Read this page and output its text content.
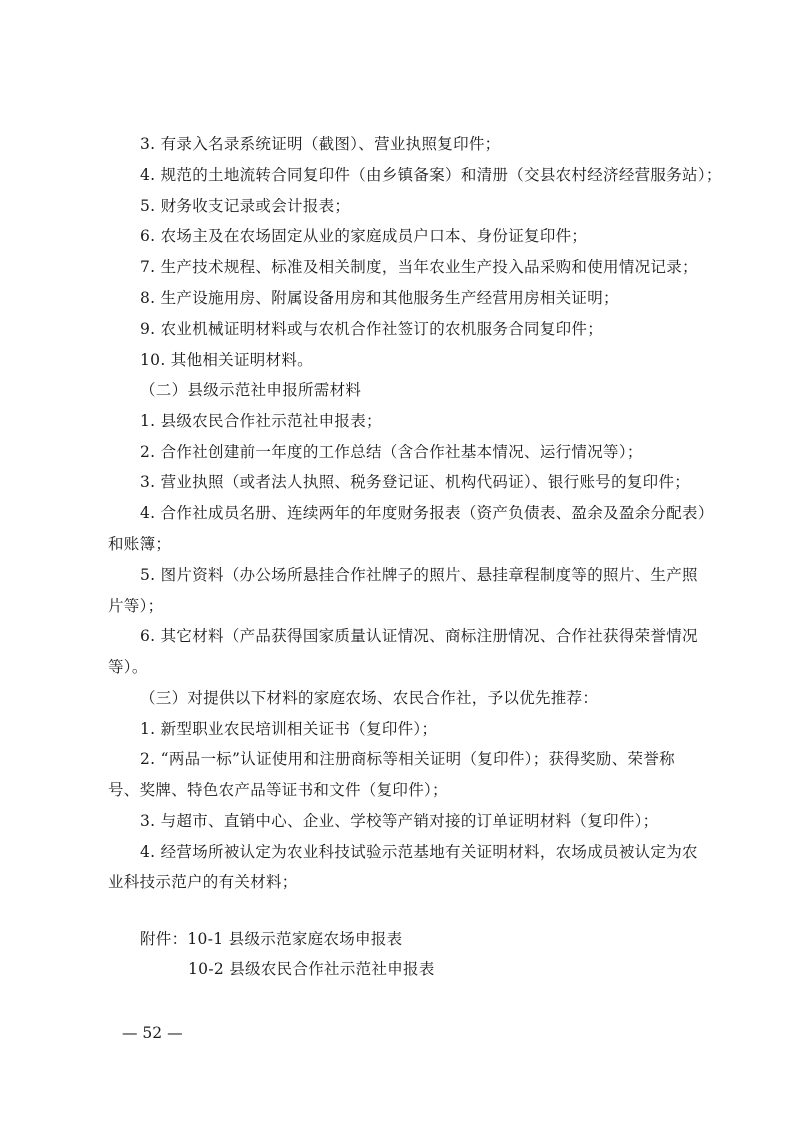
3. 有录入名录系统证明（截图）、营业执照复印件；
4. 规范的土地流转合同复印件（由乡镇备案）和清册（交县农村经济经营服务站）；
5. 财务收支记录或会计报表；
6. 农场主及在农场固定从业的家庭成员户口本、身份证复印件；
7. 生产技术规程、标准及相关制度，当年农业生产投入品采购和使用情况记录；
8. 生产设施用房、附属设备用房和其他服务生产经营用房相关证明；
9. 农业机械证明材料或与农机合作社签订的农机服务合同复印件；
10. 其他相关证明材料。
（二）县级示范社申报所需材料
1. 县级农民合作社示范社申报表；
2. 合作社创建前一年度的工作总结（含合作社基本情况、运行情况等）；
3. 营业执照（或者法人执照、税务登记证、机构代码证）、银行账号的复印件；
4. 合作社成员名册、连续两年的年度财务报表（资产负债表、盈余及盈余分配表）
和账簿；
5. 图片资料（办公场所悬挂合作社牌子的照片、悬挂章程制度等的照片、生产照
片等）；
6. 其它材料（产品获得国家质量认证情况、商标注册情况、合作社获得荣誉情况
等）。
（三）对提供以下材料的家庭农场、农民合作社，予以优先推荐：
1. 新型职业农民培训相关证书（复印件）；
2. “两品一标”认证使用和注册商标等相关证明（复印件）；获得奖励、荣誉称
号、奖牌、特色农产品等证书和文件（复印件）；
3. 与超市、直销中心、企业、学校等产销对接的订单证明材料（复印件）；
4. 经营场所被认定为农业科技试验示范基地有关证明材料，农场成员被认定为农
业科技示范户的有关材料；
附件：10-1 县级示范家庭农场申报表
10-2 县级农民合作社示范社申报表
— 52 —
